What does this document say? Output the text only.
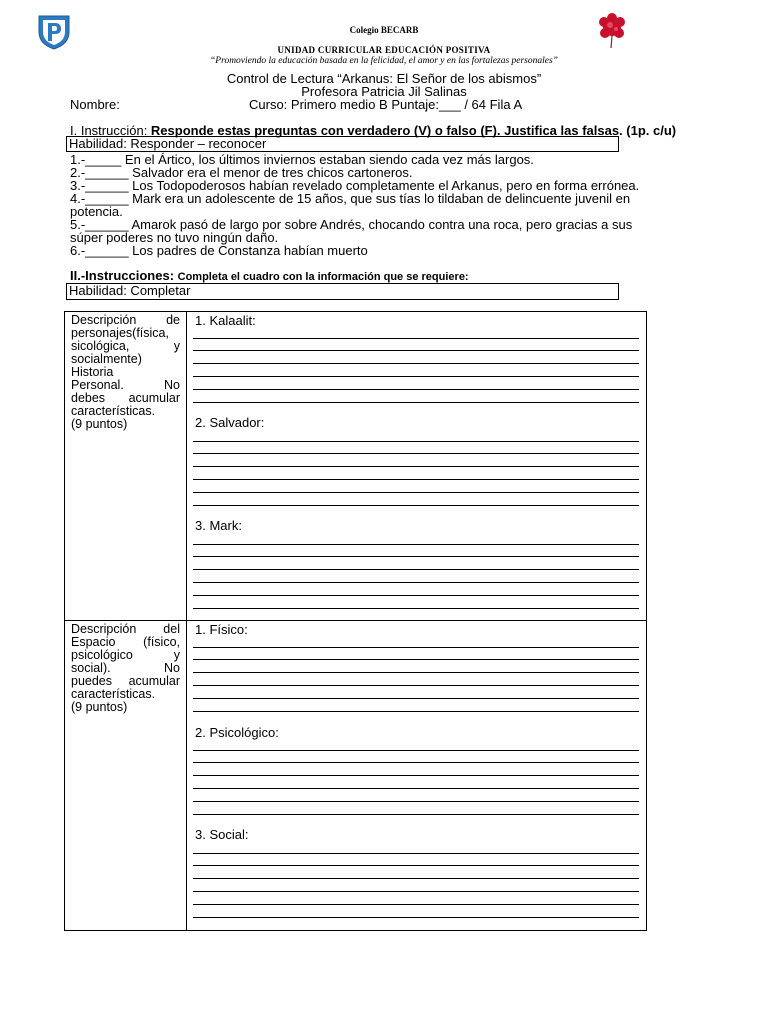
Colegio BECARB
UNIDAD CURRICULAR EDUCACIÓN POSITIVA
“Promoviendo la educación basada en la felicidad, el amor y en las fortalezas personales”
Control de Lectura “Arkanus: El Señor de los abismos”
Profesora Patricia Jil Salinas
Nombre:	Curso: Primero medio B Puntaje:___ / 64 Fila A
I. Instrucción: Responde estas preguntas con verdadero (V) o falso (F). Justifica las falsas. (1p. c/u)
Habilidad: Responder – reconocer
1.-_____ En el Ártico, los últimos inviernos estaban siendo cada vez más largos.
2.-______ Salvador era el menor de tres chicos cartoneros.
3.-______ Los Todopoderosos habían revelado completamente el Arkanus, pero en forma errónea.
4.-______ Mark era un adolescente de 15 años, que sus tías lo tildaban de delincuente juvenil en
potencia.
5.-______ Amarok pasó de largo por sobre Andrés, chocando contra una roca, pero gracias a sus
súper poderes no tuvo ningún daño.
6.-______ Los padres de Constanza habían muerto
II.-Instrucciones: Completa el cuadro con la información que se requiere:
Habilidad: Completar
Descripción de
personajes(física,
sicológica, y
socialmente)
Historia
Personal. No
debes acumular
características.
(9 puntos)
1. Kalaalit:
2. Salvador:
3. Mark:
Descripción del
Espacio (físico,
psicológico y
social). No
puedes acumular
características.
(9 puntos)
1. Físico:
2. Psicológico:
3. Social:
